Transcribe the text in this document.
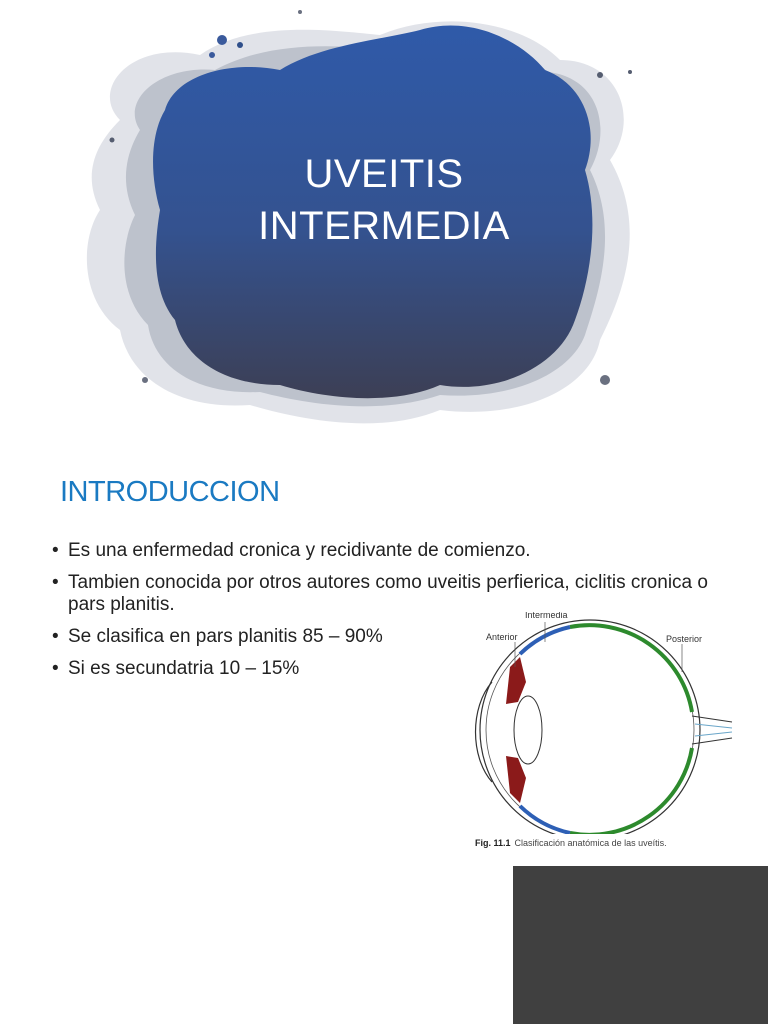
UVEITIS
INTERMEDIA
INTRODUCCION
• Es una enfermedad cronica y recidivante de comienzo.
• Tambien conocida por otros autores como uveitis perfierica, ciclitis cronica o pars planitis.
• Se clasifica en pars planitis 85 – 90%
• Si es secundatria 10 – 15%
Intermedia
Anterior	Posterior
Fig. 11.1 Clasificación anatómica de las uveítis.
